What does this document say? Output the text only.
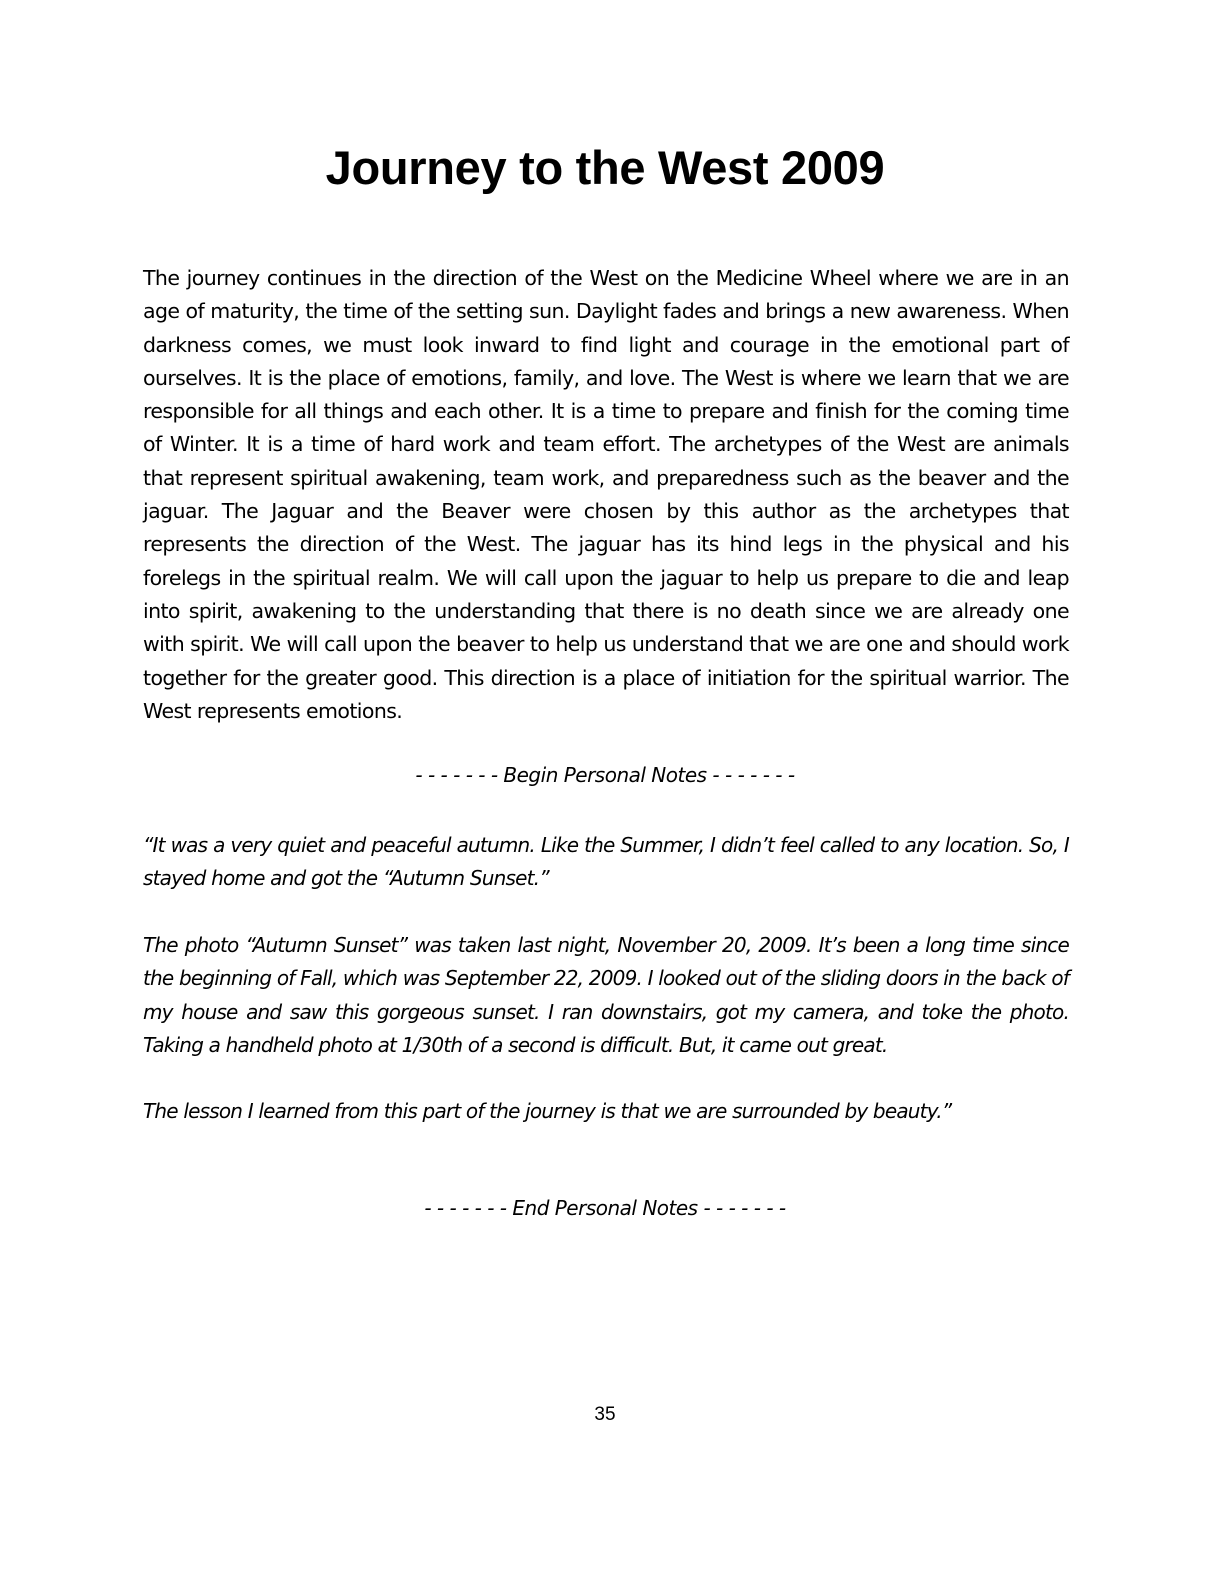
Journey to the West 2009
The journey continues in the direction of the West on the Medicine Wheel where we are in an age of maturity, the time of the setting sun. Daylight fades and brings a new awareness. When darkness comes, we must look inward to find light and courage in the emotional part of ourselves. It is the place of emotions, family, and love. The West is where we learn that we are responsible for all things and each other. It is a time to prepare and finish for the coming time of Winter. It is a time of hard work and team effort. The archetypes of the West are animals that represent spiritual awakening, team work, and preparedness such as the beaver and the jaguar. The Jaguar and the Beaver were chosen by this author as the archetypes that represents the direction of the West. The jaguar has its hind legs in the physical and his forelegs in the spiritual realm. We will call upon the jaguar to help us prepare to die and leap into spirit, awakening to the understanding that there is no death since we are already one with spirit. We will call upon the beaver to help us understand that we are one and should work together for the greater good. This direction is a place of initiation for the spiritual warrior. The West represents emotions.
- - - - - - - Begin Personal Notes - - - - - - -

“It was a very quiet and peaceful autumn. Like the Summer, I didn’t feel called to any location. So, I stayed home and got the “Autumn Sunset.”

The photo “Autumn Sunset” was taken last night, November 20, 2009. It’s been a long time since the beginning of Fall, which was September 22, 2009. I looked out of the sliding doors in the back of my house and saw this gorgeous sunset. I ran downstairs, got my camera, and toke the photo. Taking a handheld photo at 1/30th of a second is difficult. But, it came out great.

The lesson I learned from this part of the journey is that we are surrounded by beauty.”

- - - - - - - End Personal Notes - - - - - - -
35
